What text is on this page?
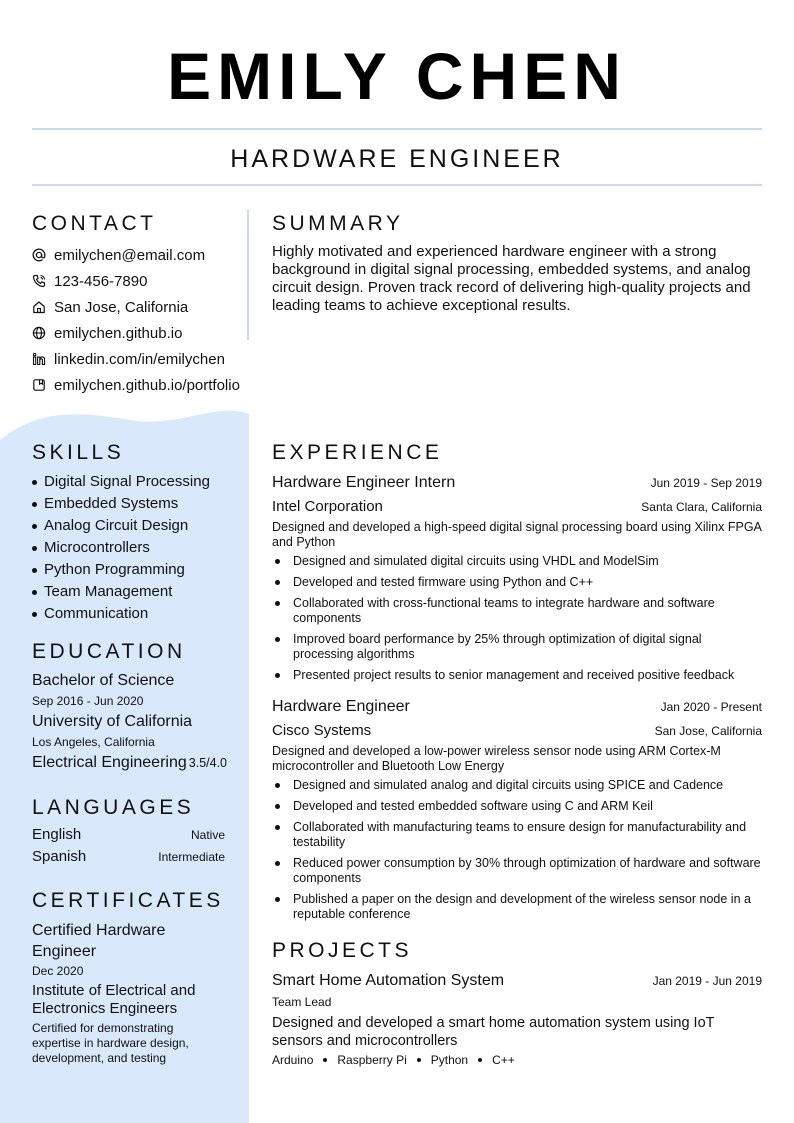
EMILY CHEN
HARDWARE ENGINEER
CONTACT
emilychen@email.com
123-456-7890
San Jose, California
emilychen.github.io
linkedin.com/in/emilychen
emilychen.github.io/portfolio
SKILLS
Digital Signal Processing
Embedded Systems
Analog Circuit Design
Microcontrollers
Python Programming
Team Management
Communication
EDUCATION
Bachelor of Science
Sep 2016 - Jun 2020
University of California
Los Angeles, California
Electrical Engineering 3.5/4.0
LANGUAGES
English	Native
Spanish	Intermediate
CERTIFICATES
Certified Hardware Engineer
Dec 2020
Institute of Electrical and Electronics Engineers
Certified for demonstrating expertise in hardware design, development, and testing
SUMMARY
Highly motivated and experienced hardware engineer with a strong background in digital signal processing, embedded systems, and analog circuit design. Proven track record of delivering high-quality projects and leading teams to achieve exceptional results.
EXPERIENCE
Hardware Engineer Intern	Jun 2019 - Sep 2019
Intel Corporation	Santa Clara, California
Designed and developed a high-speed digital signal processing board using Xilinx FPGA and Python
Designed and simulated digital circuits using VHDL and ModelSim
Developed and tested firmware using Python and C++
Collaborated with cross-functional teams to integrate hardware and software components
Improved board performance by 25% through optimization of digital signal processing algorithms
Presented project results to senior management and received positive feedback
Hardware Engineer	Jan 2020 - Present
Cisco Systems	San Jose, California
Designed and developed a low-power wireless sensor node using ARM Cortex-M microcontroller and Bluetooth Low Energy
Designed and simulated analog and digital circuits using SPICE and Cadence
Developed and tested embedded software using C and ARM Keil
Collaborated with manufacturing teams to ensure design for manufacturability and testability
Reduced power consumption by 30% through optimization of hardware and software components
Published a paper on the design and development of the wireless sensor node in a reputable conference
PROJECTS
Smart Home Automation System	Jan 2019 - Jun 2019
Team Lead
Designed and developed a smart home automation system using IoT sensors and microcontrollers
Arduino Raspberry Pi Python C++
